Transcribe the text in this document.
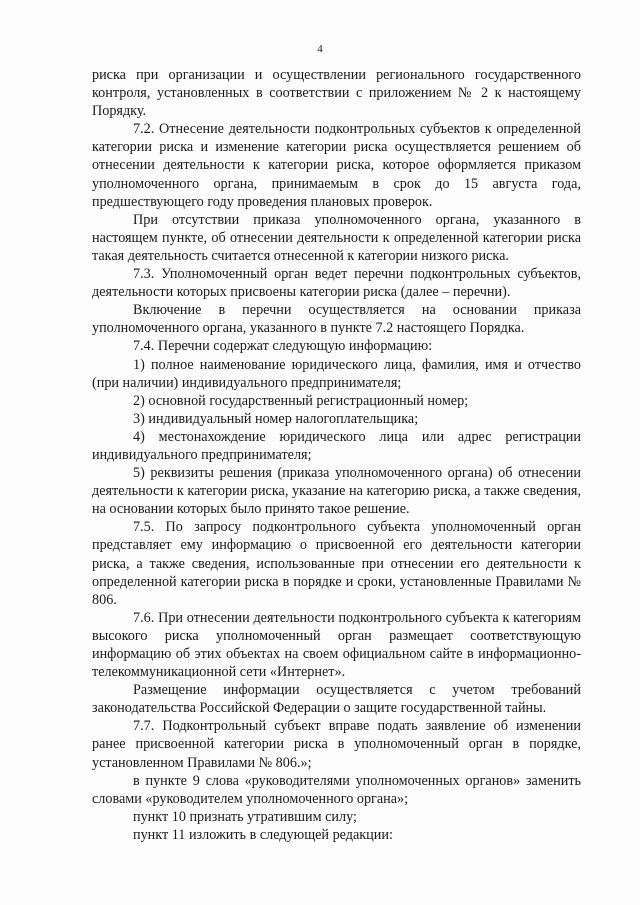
4

риска при организации и осуществлении регионального государственного контроля, установленных в соответствии с приложением № 2 к настоящему Порядку.

7.2. Отнесение деятельности подконтрольных субъектов к определенной категории риска и изменение категории риска осуществляется решением об отнесении деятельности к категории риска, которое оформляется приказом уполномоченного органа, принимаемым в срок до 15 августа года, предшествующего году проведения плановых проверок.

При отсутствии приказа уполномоченного органа, указанного в настоящем пункте, об отнесении деятельности к определенной категории риска такая деятельность считается отнесенной к категории низкого риска.

7.3. Уполномоченный орган ведет перечни подконтрольных субъектов, деятельности которых присвоены категории риска (далее – перечни).

Включение в перечни осуществляется на основании приказа уполномоченного органа, указанного в пункте 7.2 настоящего Порядка.

7.4. Перечни содержат следующую информацию:

1) полное наименование юридического лица, фамилия, имя и отчество (при наличии) индивидуального предпринимателя;

2) основной государственный регистрационный номер;

3) индивидуальный номер налогоплательщика;

4) местонахождение юридического лица или адрес регистрации индивидуального предпринимателя;

5) реквизиты решения (приказа уполномоченного органа) об отнесении деятельности к категории риска, указание на категорию риска, а также сведения, на основании которых было принято такое решение.

7.5. По запросу подконтрольного субъекта уполномоченный орган представляет ему информацию о присвоенной его деятельности категории риска, а также сведения, использованные при отнесении его деятельности к определенной категории риска в порядке и сроки, установленные Правилами № 806.

7.6. При отнесении деятельности подконтрольного субъекта к категориям высокого риска уполномоченный орган размещает соответствующую информацию об этих объектах на своем официальном сайте в информационно-телекоммуникационной сети «Интернет».

Размещение информации осуществляется с учетом требований законодательства Российской Федерации о защите государственной тайны.

7.7. Подконтрольный субъект вправе подать заявление об изменении ранее присвоенной категории риска в уполномоченный орган в порядке, установленном Правилами № 806.»;

в пункте 9 слова «руководителями уполномоченных органов» заменить словами «руководителем уполномоченного органа»;

пункт 10 признать утратившим силу;

пункт 11 изложить в следующей редакции:
